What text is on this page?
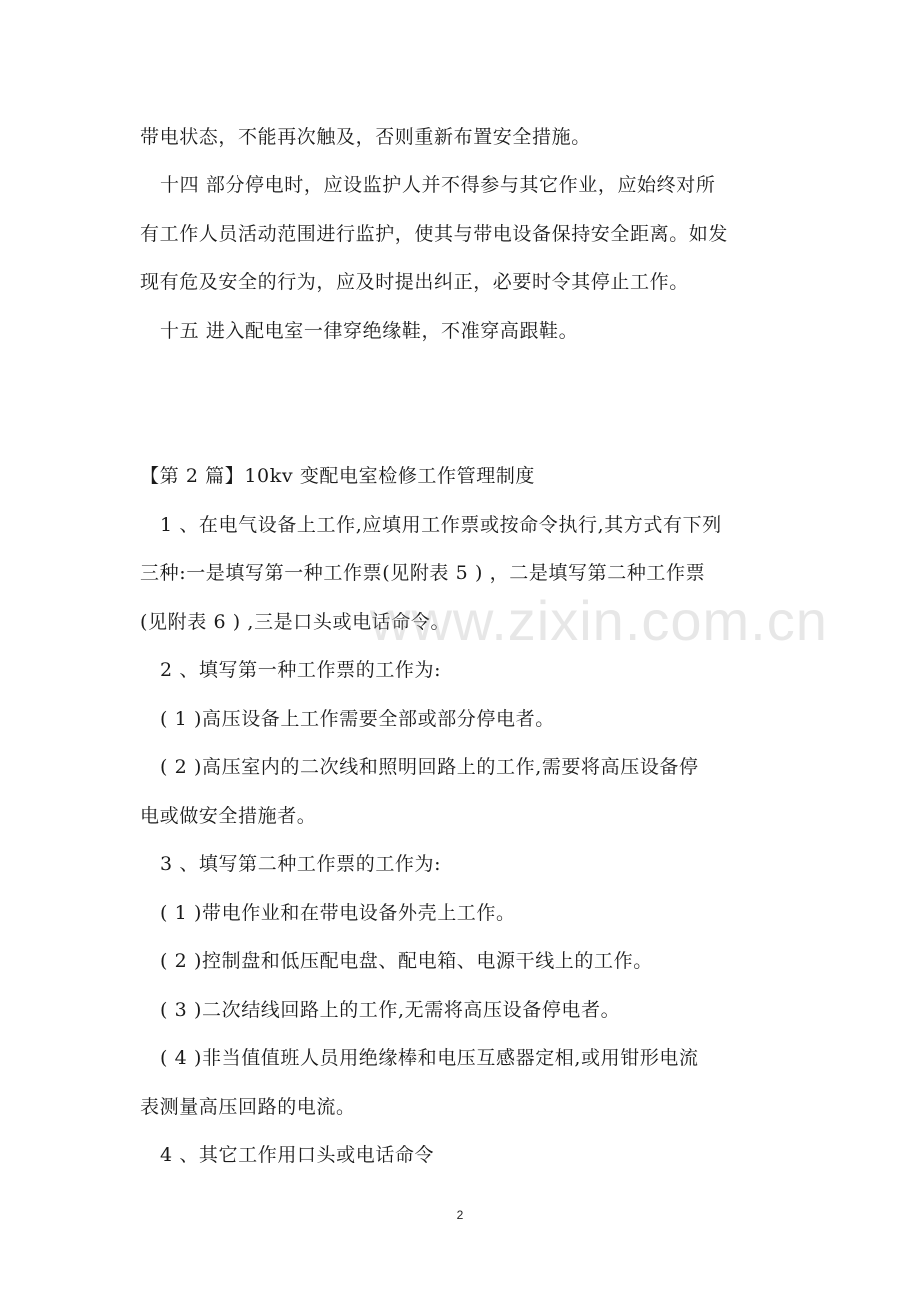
带电状态，不能再次触及，否则重新布置安全措施。
十四 部分停电时，应设监护人并不得参与其它作业，应始终对所
有工作人员活动范围进行监护，使其与带电设备保持安全距离。如发
现有危及安全的行为，应及时提出纠正，必要时令其停止工作。
十五 进入配电室一律穿绝缘鞋，不准穿高跟鞋。
【第 2 篇】10kv 变配电室检修工作管理制度
1 、在电气设备上工作,应填用工作票或按命令执行,其方式有下列
三种:一是填写第一种工作票(见附表 5 ) ，二是填写第二种工作票
(见附表 6 ) ,三是口头或电话命令。
2 、填写第一种工作票的工作为:
( 1 )高压设备上工作需要全部或部分停电者。
( 2 )高压室内的二次线和照明回路上的工作,需要将高压设备停
电或做安全措施者。
3 、填写第二种工作票的工作为:
( 1 )带电作业和在带电设备外壳上工作。
( 2 )控制盘和低压配电盘、配电箱、电源干线上的工作。
( 3 )二次结线回路上的工作,无需将高压设备停电者。
( 4 )非当值值班人员用绝缘棒和电压互感器定相,或用钳形电流
表测量高压回路的电流。
4 、其它工作用口头或电话命令
www.zixin.com.cn
2
